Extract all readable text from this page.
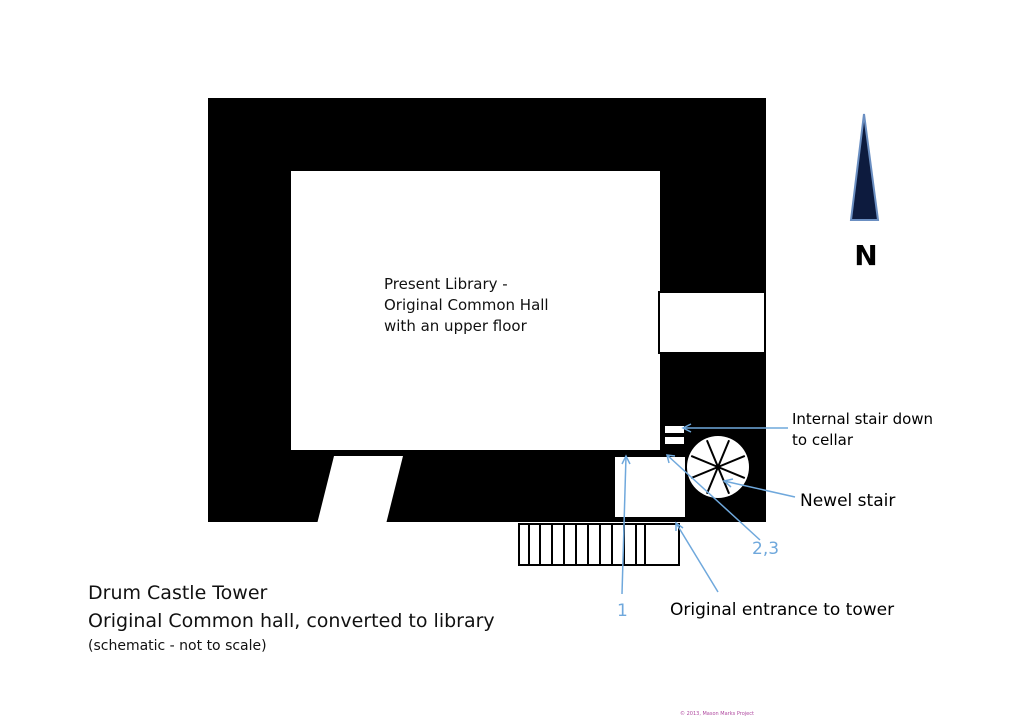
N
Internal stair down
to cellar
Newel stair
2,3
1 Original entrance to tower
Present Library -
Original Common Hall
with an upper floor
Drum Castle Tower
Original Common hall, converted to library
(schematic - not to scale)
© 2013, Mason Marks Project
